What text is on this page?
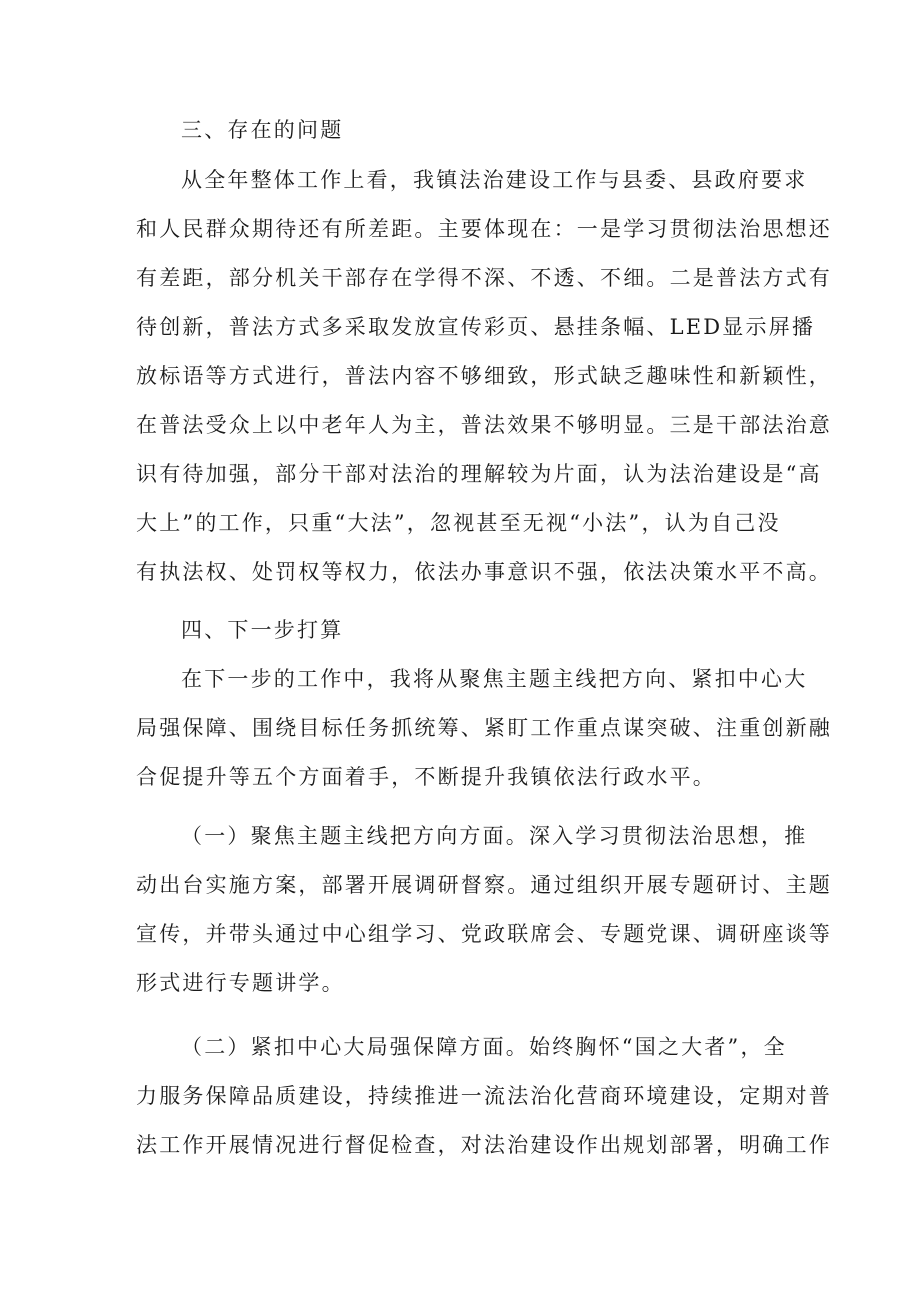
三、存在的问题

从全年整体工作上看，我镇法治建设工作与县委、县政府要求

和人民群众期待还有所差距。主要体现在：一是学习贯彻法治思想还

有差距，部分机关干部存在学得不深、不透、不细。二是普法方式有

待创新，普法方式多采取发放宣传彩页、悬挂条幅、LED显示屏播

放标语等方式进行，普法内容不够细致，形式缺乏趣味性和新颖性，

在普法受众上以中老年人为主，普法效果不够明显。三是干部法治意

识有待加强，部分干部对法治的理解较为片面，认为法治建设是“高

大上”的工作，只重“大法”，忽视甚至无视“小法”，认为自己没

有执法权、处罚权等权力，依法办事意识不强，依法决策水平不高。

四、下一步打算

在下一步的工作中，我将从聚焦主题主线把方向、紧扣中心大

局强保障、围绕目标任务抓统筹、紧盯工作重点谋突破、注重创新融

合促提升等五个方面着手，不断提升我镇依法行政水平。

（一）聚焦主题主线把方向方面。深入学习贯彻法治思想，推

动出台实施方案，部署开展调研督察。通过组织开展专题研讨、主题

宣传，并带头通过中心组学习、党政联席会、专题党课、调研座谈等

形式进行专题讲学。

（二）紧扣中心大局强保障方面。始终胸怀“国之大者”，全

力服务保障品质建设，持续推进一流法治化营商环境建设，定期对普

法工作开展情况进行督促检查，对法治建设作出规划部署，明确工作
